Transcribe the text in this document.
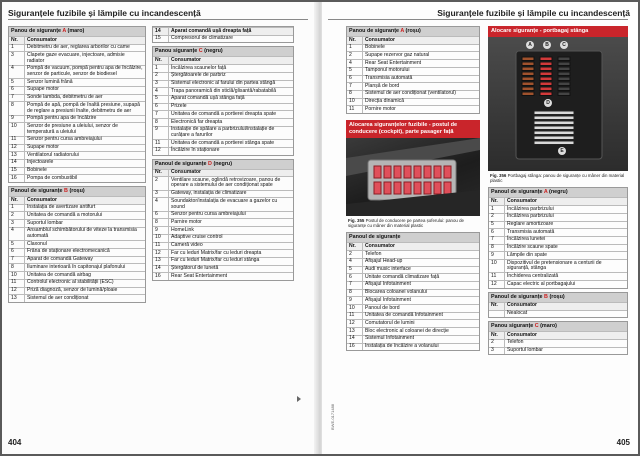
Siguranțele fuzibile și lămpile cu incandescență
Panou de siguranțe A (maro)
Nr.	Consumator
1	Debitmetru de aer, reglarea arborilor cu came
3	Clapete gaze evacuare, injectoare, admisie radiator
4	Pompă de vacuum, pompă pentru apa de încălzire, senzor de particule, senzor de biodiesel
5	Senzor lumină frână
6	Supape motor
7	Sonde lambda, debitmetru de aer
8	Pompă de apă, pompă de înaltă presiune, supapă de reglare a presiunii înalte, debitmetru de aer
9	Pompă pentru apa de încălzire
10	Senzor de presiune a uleiului, senzor de temperatură a uleiului
11	Senzor pentru cursa ambreiajului
12	Supape motor
13	Ventilatorul radiatorului
14	Injectoarele
15	Bobinele
16	Pompa de combustibil
Panoul de siguranțe B (roșu)
Nr.	Consumator
1	Instalația de avertizare antifurt
2	Unitatea de comandă a motorului
3	Suportul lombar
4	Ansamblul schimbătorului de viteze la transmisia automată
5	Claxonul
6	Frâna de staționare electromecanică
7	Aparat de comandă Gateway
8	Iluminare interioară în capitonajul plafonului
10	Unitatea de comandă airbag
11	Controlul electronic al stabilității (ESC)
12	Priză diagnoză, senzor de lumină/ploaie
13	Sistemul de aer condiționat
14	Aparat comandă ușă dreapta față
15	Compresorul de climatizare
Panou siguranțe C (negru)
Nr.	Consumator
1	Încălzirea scaunelor față
2	Ștergătoarele de parbriz
3	Sistemul electronic al farului din partea stângă
4	Trapa panoramică din sticlă/glisantă/rabatabilă
5	Aparat comandă ușă stânga față
6	Prizele
7	Unitatea de comandă a portierei dreapta spate
8	Electronică far dreapta
9	Instalație de spălare a parbrizului/instalație de curățare a farurilor
11	Unitatea de comandă a portierei stânga spate
12	Încălzire în staționare
Panoul de siguranțe D (negru)
Nr.	Consumator
2	Ventilare scaune, oglindă retrovizoare, panou de operare a sistemului de aer condiționat spate
3	Gateway, instalația de climatizare
4	Soundaktor/instalația de evacuare a gazelor cu sound
6	Senzor pentru cursa ambreiajului
8	Parnire motor
9	HomeLink
10	Adaptive cruise control
11	Cameră video
12	Far cu leduri Matrix/far cu leduri dreapta
13	Far cu leduri Matrix/far cu leduri stânga
14	Ștergătorul de lunetă
16	Rear Seat Entertainment
404
Siguranțele fuzibile și lămpile cu incandescență
Panou de siguranțe A (roșu)
Nr.	Consumator
1	Bobinele
2	Supape rezervor gaz natural
4	Rear Seat Entertainment
5	Tamponul motorului
6	Transmisia automată
7	Planșă de bord
8	Sistemul de aer condiționat (ventilatorul)
10	Direcția dinamică
11	Pornire motor
Alocarea siguranțelor fuzibile - postul de conducere (cockpit), parte pasager față
Fig. 355 Postul de conducere pe partea șoferului: panou de siguranțe cu mâner din material plastic
Panoul de siguranțe
Nr.	Consumator
2	Telefon
4	Afișajul Head-up
5	Audi music interface
6	Unitate comandă climatizare față
7	Afișajul Infotainment
8	Blocarea coloanei volanului
9	Afișajul Infotainment
10	Panoul de bord
11	Unitatea de comandă Infotainment
12	Comutatorul de lumini
13	Bloc electronic al coloanei de direcție
14	Sistemul Infotainment
16	Instalația de încălzire a volanului
Alocare siguranțe - portbagaj stânga
A	B	C
D
E
Fig. 356 Portbagaj stânga: panou de siguranțe cu mâner din material plastic
Panoul de siguranțe A (negru)
Nr.	Consumator
1	Încălzirea parbrizului
2	Încălzirea parbrizului
5	Reglare amortizoare
6	Transmisia automată
7	Încălzirea lunetei
8	Încălzire scaune spate
9	Lămpile din spate
10	Dispozitivul de pretensionare a centurii de siguranță, stânga
11	Închiderea centralizată
12	Capac electric al portbagajului
Panoul de siguranțe B (roșu)
Nr.	Consumator
	Nealocat
Panou siguranțe C (maro)
Nr.	Consumator
2	Telefon
3	Suportul lombar
BWE-0171488
405
